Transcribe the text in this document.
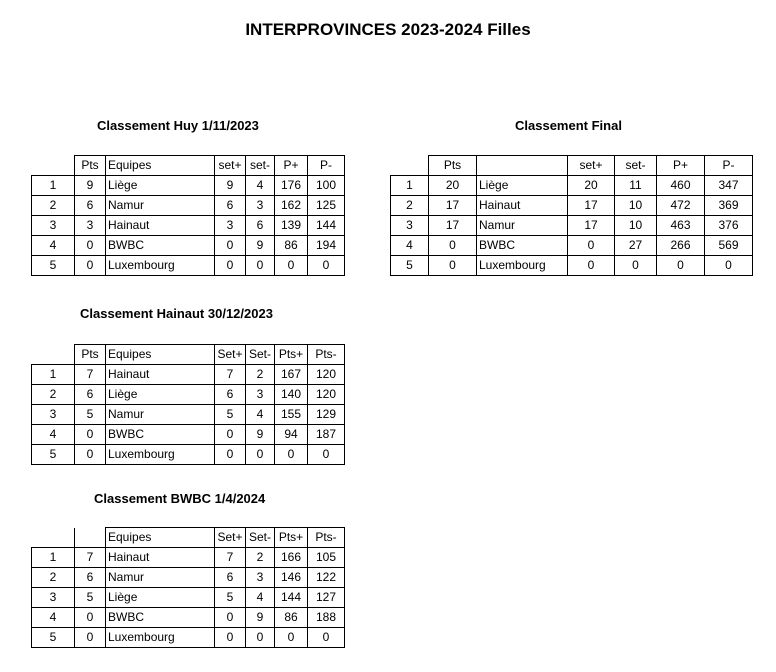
INTERPROVINCES 2023-2024 Filles
Classement Huy 1/11/2023
	Pts	Equipes	set+	set-	P+	P-
1	9	Liège	9	4	176	100
2	6	Namur	6	3	162	125
3	3	Hainaut	3	6	139	144
4	0	BWBC	0	9	86	194
5	0	Luxembourg	0	0	0	0
Classement Final
	Pts		set+	set-	P+	P-
1	20	Liège	20	11	460	347
2	17	Hainaut	17	10	472	369
3	17	Namur	17	10	463	376
4	0	BWBC	0	27	266	569
5	0	Luxembourg	0	0	0	0
Classement Hainaut 30/12/2023
	Pts	Equipes	Set+	Set-	Pts+	Pts-
1	7	Hainaut	7	2	167	120
2	6	Liège	6	3	140	120
3	5	Namur	5	4	155	129
4	0	BWBC	0	9	94	187
5	0	Luxembourg	0	0	0	0
Classement BWBC 1/4/2024
		Equipes	Set+	Set-	Pts+	Pts-
1	7	Hainaut	7	2	166	105
2	6	Namur	6	3	146	122
3	5	Liège	5	4	144	127
4	0	BWBC	0	9	86	188
5	0	Luxembourg	0	0	0	0
